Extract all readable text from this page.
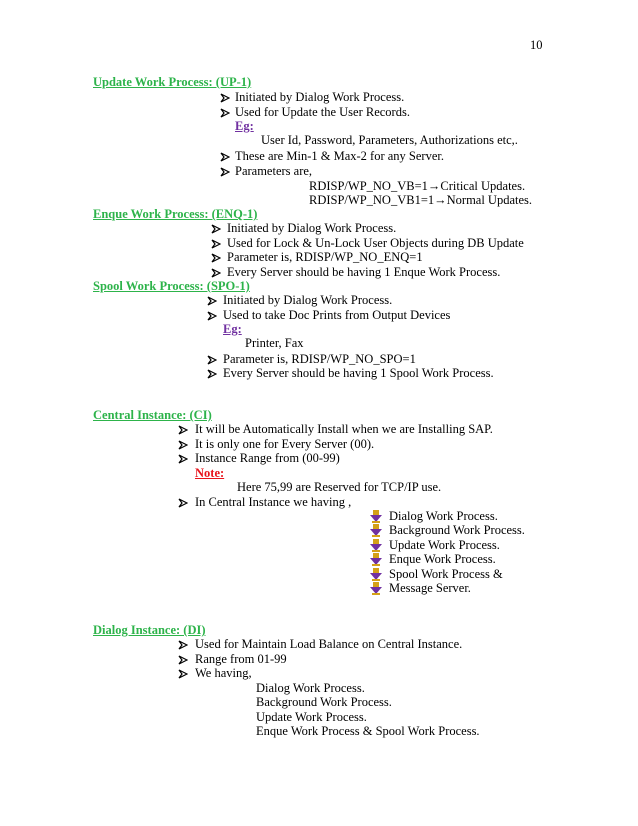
10
Update Work Process: (UP-1)
Initiated by Dialog Work Process.
Used for Update the User Records.
Eg:
User Id, Password, Parameters, Authorizations etc,.
These are Min-1 & Max-2 for any Server.
Parameters are,
RDISP/WP_NO_VB=1→Critical Updates.
RDISP/WP_NO_VB1=1→Normal Updates.
Enque Work Process: (ENQ-1)
Initiated by Dialog Work Process.
Used for Lock & Un-Lock User Objects during DB Update
Parameter is, RDISP/WP_NO_ENQ=1
Every Server should be having 1 Enque Work Process.
Spool Work Process: (SPO-1)
Initiated by Dialog Work Process.
Used to take Doc Prints from Output Devices
Eg:
Printer, Fax
Parameter is, RDISP/WP_NO_SPO=1
Every Server should be having 1 Spool Work Process.
Central Instance: (CI)
It will be Automatically Install when we are Installing SAP.
It is only one for Every Server (00).
Instance Range from (00-99)
Note:
Here 75,99 are Reserved for TCP/IP use.
In Central Instance we having ,
Dialog Work Process.
Background Work Process.
Update Work Process.
Enque Work Process.
Spool Work Process &
Message Server.
Dialog Instance: (DI)
Used for Maintain Load Balance on Central Instance.
Range from 01-99
We having,
Dialog Work Process.
Background Work Process.
Update Work Process.
Enque Work Process & Spool Work Process.
